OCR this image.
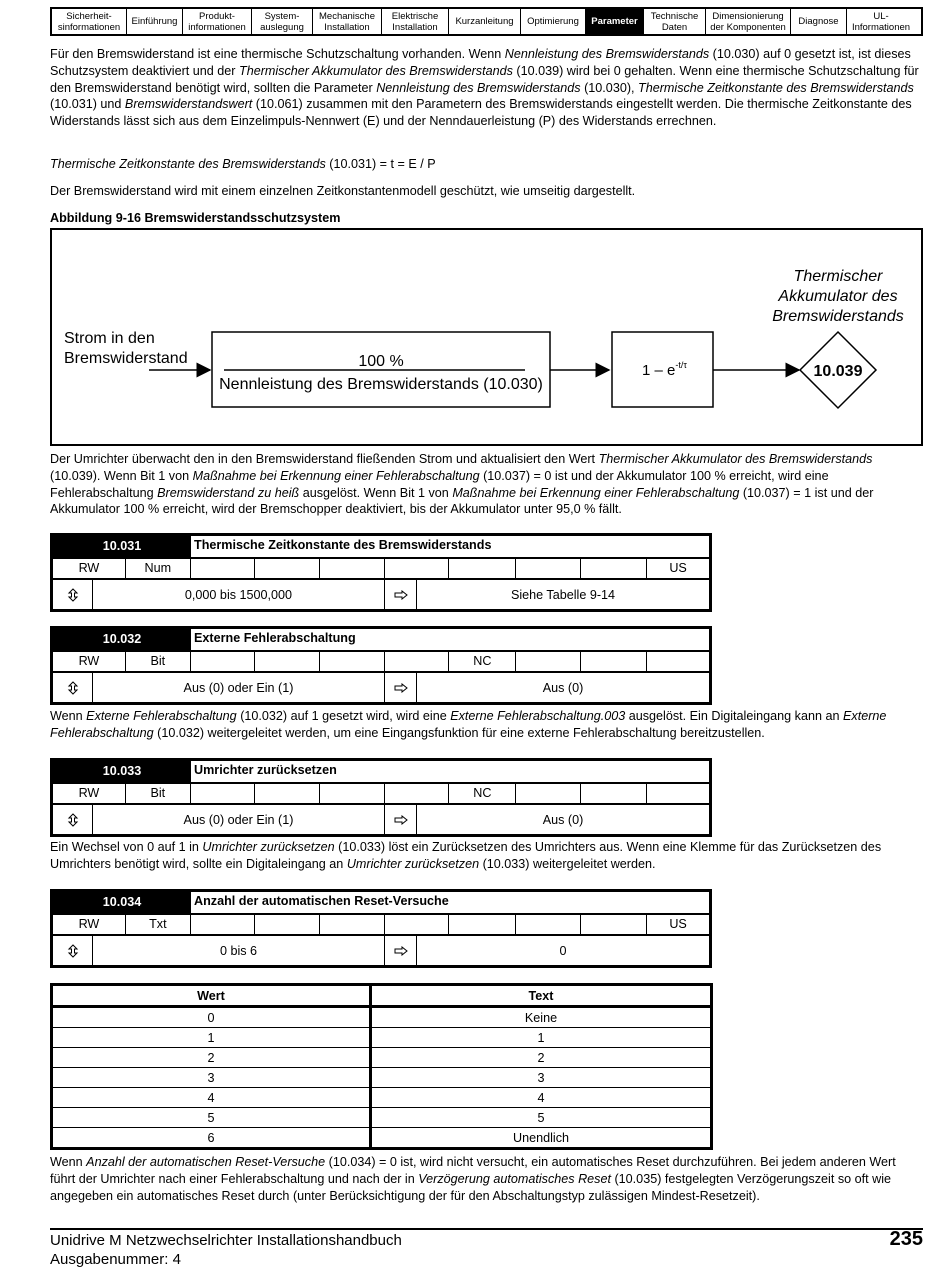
Sicherheit-
sinformationen	Einführung	Produkt-
informationen
System-
auslegung
Mechanische
Installation
Elektrische
Installation	Kurzanleitung	Optimierung	Parameter	Technische
Daten
Dimensionierung
der Komponenten	Diagnose	UL-
Informationen

Für den Bremswiderstand ist eine thermische Schutzschaltung vorhanden. Wenn Nennleistung des Bremswiderstands (10.030) auf 0 gesetzt ist, ist dieses Schutzsystem deaktiviert und der Thermischer Akkumulator des Bremswiderstands (10.039) wird bei 0 gehalten. Wenn eine thermische Schutzschaltung für den Bremswiderstand benötigt wird, sollten die Parameter Nennleistung des Bremswiderstands (10.030), Thermische Zeitkonstante des Bremswiderstands (10.031) und Bremswiderstandswert (10.061) zusammen mit den Parametern des Bremswiderstands eingestellt werden. Die thermische Zeitkonstante des Widerstands lässt sich aus dem Einzelimpuls-Nennwert (E) und der Nenndauerleistung (P) des Widerstands errechnen.

Thermische Zeitkonstante des Bremswiderstands (10.031) = t = E / P

Der Bremswiderstand wird mit einem einzelnen Zeitkonstantenmodell geschützt, wie umseitig dargestellt.

Abbildung 9-16 Bremswiderstandsschutzsystem

Strom in den
Bremswiderstand	100 %
Nennleistung des Bremswiderstands (10.030)
$1 - e^{-t/\tau}$
Thermischer
Akkumulator des
Bremswiderstands
10.039

Der Umrichter überwacht den in den Bremswiderstand fließenden Strom und aktualisiert den Wert Thermischer Akkumulator des Bremswiderstands (10.039). Wenn Bit 1 von Maßnahme bei Erkennung einer Fehlerabschaltung (10.037) = 0 ist und der Akkumulator 100 % erreicht, wird eine Fehlerabschaltung Bremswiderstand zu heiß ausgelöst. Wenn Bit 1 von Maßnahme bei Erkennung einer Fehlerabschaltung (10.037) = 1 ist und der Akkumulator 100 % erreicht, wird der Bremschopper deaktiviert, bis der Akkumulator unter 95,0 % fällt.

10.031	Thermische Zeitkonstante des Bremswiderstands
RW	Num	US
0,000 bis 1500,000	Siehe Tabelle 9-14
10.032	Externe Fehlerabschaltung
RW	Bit	NC
Aus (0) oder Ein (1)	Aus (0)

Wenn Externe Fehlerabschaltung (10.032) auf 1 gesetzt wird, wird eine Externe Fehlerabschaltung.003 ausgelöst. Ein Digitaleingang kann an Externe Fehlerabschaltung (10.032) weitergeleitet werden, um eine Eingangsfunktion für eine externe Fehlerabschaltung bereitzustellen.

10.033	Umrichter zurücksetzen
RW	Bit	NC
Aus (0) oder Ein (1)	Aus (0)

Ein Wechsel von 0 auf 1 in Umrichter zurücksetzen (10.033) löst ein Zurücksetzen des Umrichters aus. Wenn eine Klemme für das Zurücksetzen des Umrichters benötigt wird, sollte ein Digitaleingang an Umrichter zurücksetzen (10.033) weitergeleitet werden.

10.034	Anzahl der automatischen Reset-Versuche
RW	Txt	US
0 bis 6	0
Wert	Text
0	Keine
1	1
2	2
3	3
4	4
5	5
6	Unendlich

Wenn Anzahl der automatischen Reset-Versuche (10.034) = 0 ist, wird nicht versucht, ein automatisches Reset durchzuführen. Bei jedem anderen Wert führt der Umrichter nach einer Fehlerabschaltung und nach der in Verzögerung automatisches Reset (10.035) festgelegten Verzögerungszeit so oft wie angegeben ein automatisches Reset durch (unter Berücksichtigung der für den Abschaltungstyp zulässigen Mindest-Resetzeit).

Unidrive M Netzwechselrichter Installationshandbuch
Ausgabenummer: 4
235
